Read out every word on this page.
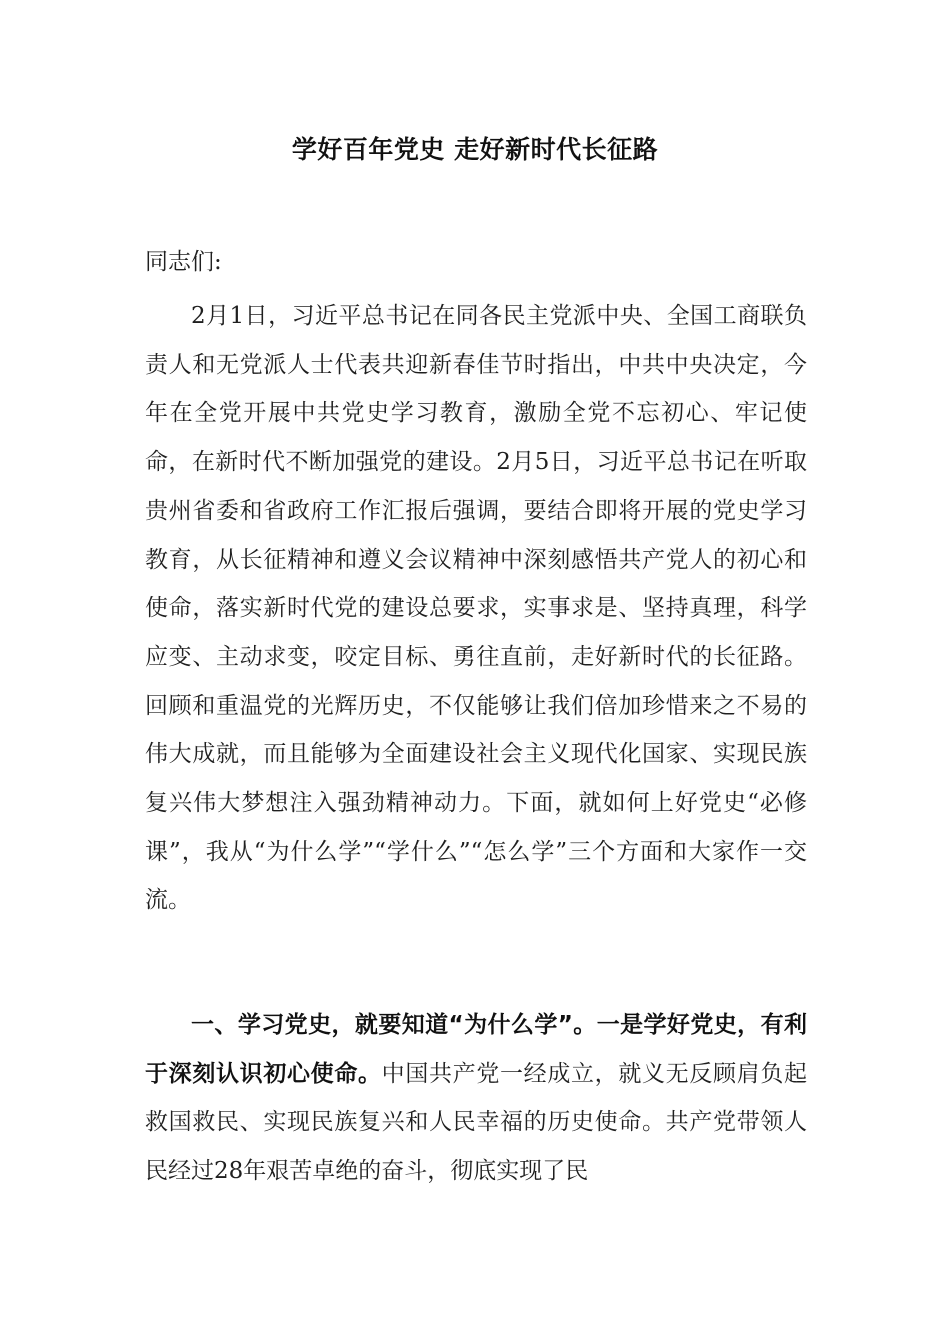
学好百年党史 走好新时代长征路
同志们:

2月1日，习近平总书记在同各民主党派中央、全国工商联负责人和无党派人士代表共迎新春佳节时指出，中共中央决定，今年在全党开展中共党史学习教育，激励全党不忘初心、牢记使命，在新时代不断加强党的建设。2月5日，习近平总书记在听取贵州省委和省政府工作汇报后强调，要结合即将开展的党史学习教育，从长征精神和遵义会议精神中深刻感悟共产党人的初心和使命，落实新时代党的建设总要求，实事求是、坚持真理，科学应变、主动求变，咬定目标、勇往直前，走好新时代的长征路。回顾和重温党的光辉历史，不仅能够让我们倍加珍惜来之不易的伟大成就，而且能够为全面建设社会主义现代化国家、实现民族复兴伟大梦想注入强劲精神动力。下面，就如何上好党史“必修课”，我从“为什么学”“学什么”“怎么学”三个方面和大家作一交流。

一、学习党史，就要知道“为什么学”。一是学好党史，有利于深刻认识初心使命。中国共产党一经成立，就义无反顾肩负起救国救民、实现民族复兴和人民幸福的历史使命。共产党带领人民经过28年艰苦卓绝的奋斗，彻底实现了民
